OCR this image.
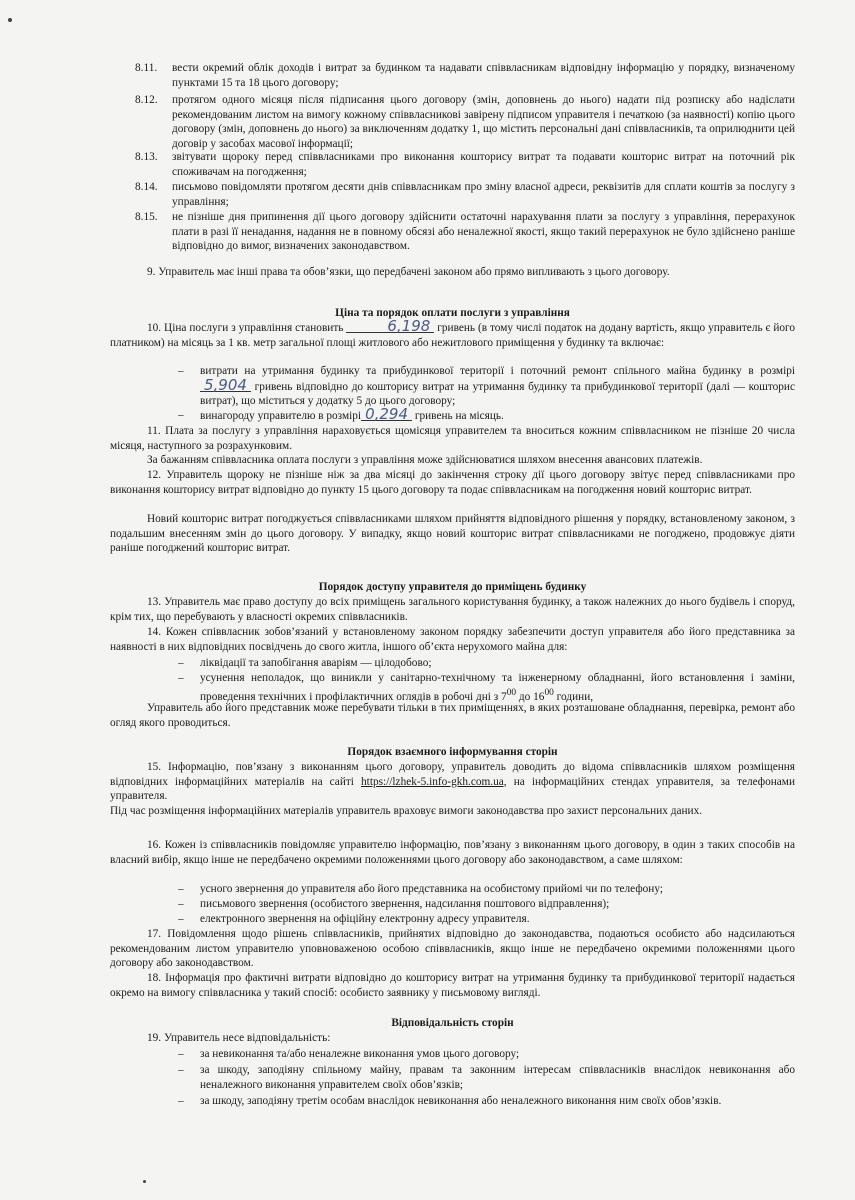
8.11.	вести окремий облік доходів і витрат за будинком та надавати співвласникам відповідну інформацію у порядку, визначеному пунктами 15 та 18 цього договору;
8.12.	протягом одного місяця після підписання цього договору (змін, доповнень до нього) надати під розписку або надіслати рекомендованим листом на вимогу кожному співвласникові завірену підписом управителя і печаткою (за наявності) копію цього договору (змін, доповнень до нього) за виключенням додатку 1, що містить персональні дані співвласників, та оприлюднити цей договір у засобах масової інформації;
8.13.	звітувати щороку перед співвласниками про виконання кошторису витрат та подавати кошторис витрат на поточний рік споживачам на погодження;
8.14.	письмово повідомляти протягом десяти днів співвласникам про зміну власної адреси, реквізитів для сплати коштів за послугу з управління;
8.15.	не пізніше дня припинення дії цього договору здійснити остаточні нарахування плати за послугу з управління, перерахунок плати в разі її ненадання, надання не в повному обсязі або неналежної якості, якщо такий перерахунок не було здійснено раніше відповідно до вимог, визначених законодавством.
9. Управитель має інші права та обов’язки, що передбачені законом або прямо випливають з цього договору.
Ціна та порядок оплати послуги з управління
10. Ціна послуги з управління становить	6,198 гривень (в тому числі податок на додану вартість, якщо управитель є його платником) на місяць за 1 кв. метр загальної площі житлового або нежитлового приміщення у будинку та включає:
–	витрати на утримання будинку та прибудинкової території і поточний ремонт спільного майна будинку в розмірі 5,904 гривень відповідно до кошторису витрат на утримання будинку та прибудинкової території (далі — кошторис витрат), що міститься у додатку 5 до цього договору;
–	винагороду управителю в розмірі 0,294 гривень на місяць.
11. Плата за послугу з управління нараховується щомісяця управителем та вноситься кожним співвласником не пізніше 20 числа місяця, наступного за розрахунковим.
За бажанням співвласника оплата послуги з управління може здійснюватися шляхом внесення авансових платежів.
12. Управитель щороку не пізніше ніж за два місяці до закінчення строку дії цього договору звітує перед співвласниками про виконання кошторису витрат відповідно до пункту 15 цього договору та подає співвласникам на погодження новий кошторис витрат.
Новий кошторис витрат погоджується співвласниками шляхом прийняття відповідного рішення у порядку, встановленому законом, з подальшим внесенням змін до цього договору. У випадку, якщо новий кошторис витрат співвласниками не погоджено, продовжує діяти раніше погоджений кошторис витрат.
Порядок доступу управителя до приміщень будинку
13. Управитель має право доступу до всіх приміщень загального користування будинку, а також належних до нього будівель і споруд, крім тих, що перебувають у власності окремих співвласників.
14. Кожен співвласник зобов’язаний у встановленому законом порядку забезпечити доступ управителя або його представника за наявності в них відповідних посвідчень до свого житла, іншого об’єкта нерухомого майна для:
–	ліквідації та запобігання аваріям — цілодобово;
–	усунення неполадок, що виникли у санітарно-технічному та інженерному обладнанні, його встановлення і заміни, проведення технічних і профілактичних оглядів в робочі дні з $7^{00}$ до $16^{00}$ години,
Управитель або його представник може перебувати тільки в тих приміщеннях, в яких розташоване обладнання, перевірка, ремонт або огляд якого проводиться.
Порядок взаємного інформування сторін
15. Інформацію, пов’язану з виконанням цього договору, управитель доводить до відома співвласників шляхом розміщення відповідних інформаційних матеріалів на сайті https://lzhek-5.info-gkh.com.ua, на інформаційних стендах управителя, за телефонами управителя.
Під час розміщення інформаційних матеріалів управитель враховує вимоги законодавства про захист персональних даних.
16. Кожен із співвласників повідомляє управителю інформацію, пов’язану з виконанням цього договору, в один з таких способів на власний вибір, якщо інше не передбачено окремими положеннями цього договору або законодавством, а саме шляхом:
–	усного звернення до управителя або його представника на особистому прийомі чи по телефону;
–	письмового звернення (особистого звернення, надсилання поштового відправлення);
–	електронного звернення на офіційну електронну адресу управителя.
17. Повідомлення щодо рішень співвласників, прийнятих відповідно до законодавства, подаються особисто або надсилаються рекомендованим листом управителю уповноваженою особою співвласників, якщо інше не передбачено окремими положеннями цього договору або законодавством.
18. Інформація про фактичні витрати відповідно до кошторису витрат на утримання будинку та прибудинкової території надається окремо на вимогу співвласника у такий спосіб: особисто заявнику у письмовому вигляді.
Відповідальність сторін
19. Управитель несе відповідальність:
–	за невиконання та/або неналежне виконання умов цього договору;
–	за шкоду, заподіяну спільному майну, правам та законним інтересам співвласників внаслідок невиконання або неналежного виконання управителем своїх обов’язків;
–	за шкоду, заподіяну третім особам внаслідок невиконання або неналежного виконання ним своїх обов’язків.
